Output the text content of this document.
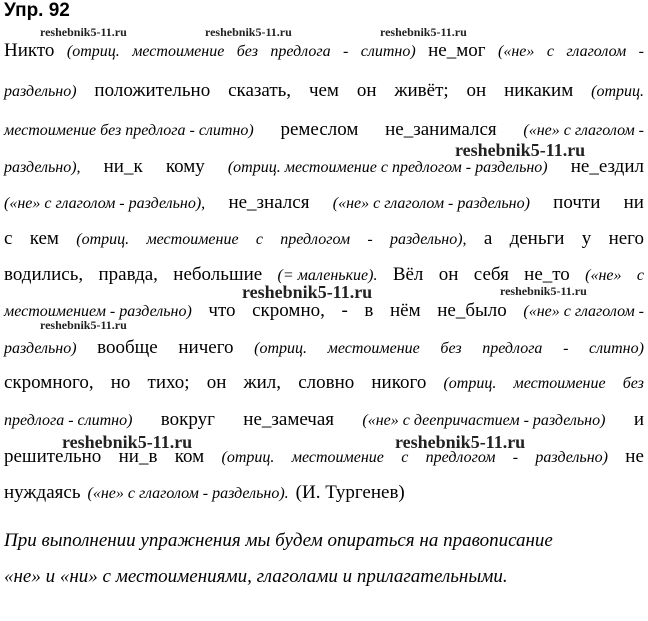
Упр. 92
reshebnik5-11.ru	reshebnik5-11.ru	reshebnik5-11.ru
reshebnik5-11.ru
reshebnik5-11.ru	reshebnik5-11.ru
reshebnik5-11.ru
reshebnik5-11.ru	reshebnik5-11.ru
Никто (отриц. местоимение без предлога - слитно) не_мог («не» с глаголом -
раздельно) положительно сказать, чем он живёт; он никаким (отриц.
местоимение без предлога - слитно) ремеслом не_занимался («не» с глаголом -
раздельно), ни_к кому (отриц. местоимение с предлогом - раздельно) не_ездил
(«не» с глаголом - раздельно), не_знался («не» с глаголом - раздельно) почти ни
с кем (отриц. местоимение с предлогом - раздельно), а деньги у него
водились, правда, небольшие (= маленькие). Вёл он себя не_то («не» с
местоимением - раздельно) что скромно, - в нём не_было («не» с глаголом -
раздельно) вообще ничего (отриц. местоимение без предлога - слитно)
скромного, но тихо; он жил, словно никого (отриц. местоимение без
предлога - слитно) вокруг не_замечая («не» с деепричастием - раздельно) и
решительно ни_в ком (отриц. местоимение с предлогом - раздельно) не
нуждаясь («не» с глаголом - раздельно). (И. Тургенев)
При выполнении упражнения мы будем опираться на правописание
«не» и «ни» с местоимениями, глаголами и прилагательными.
